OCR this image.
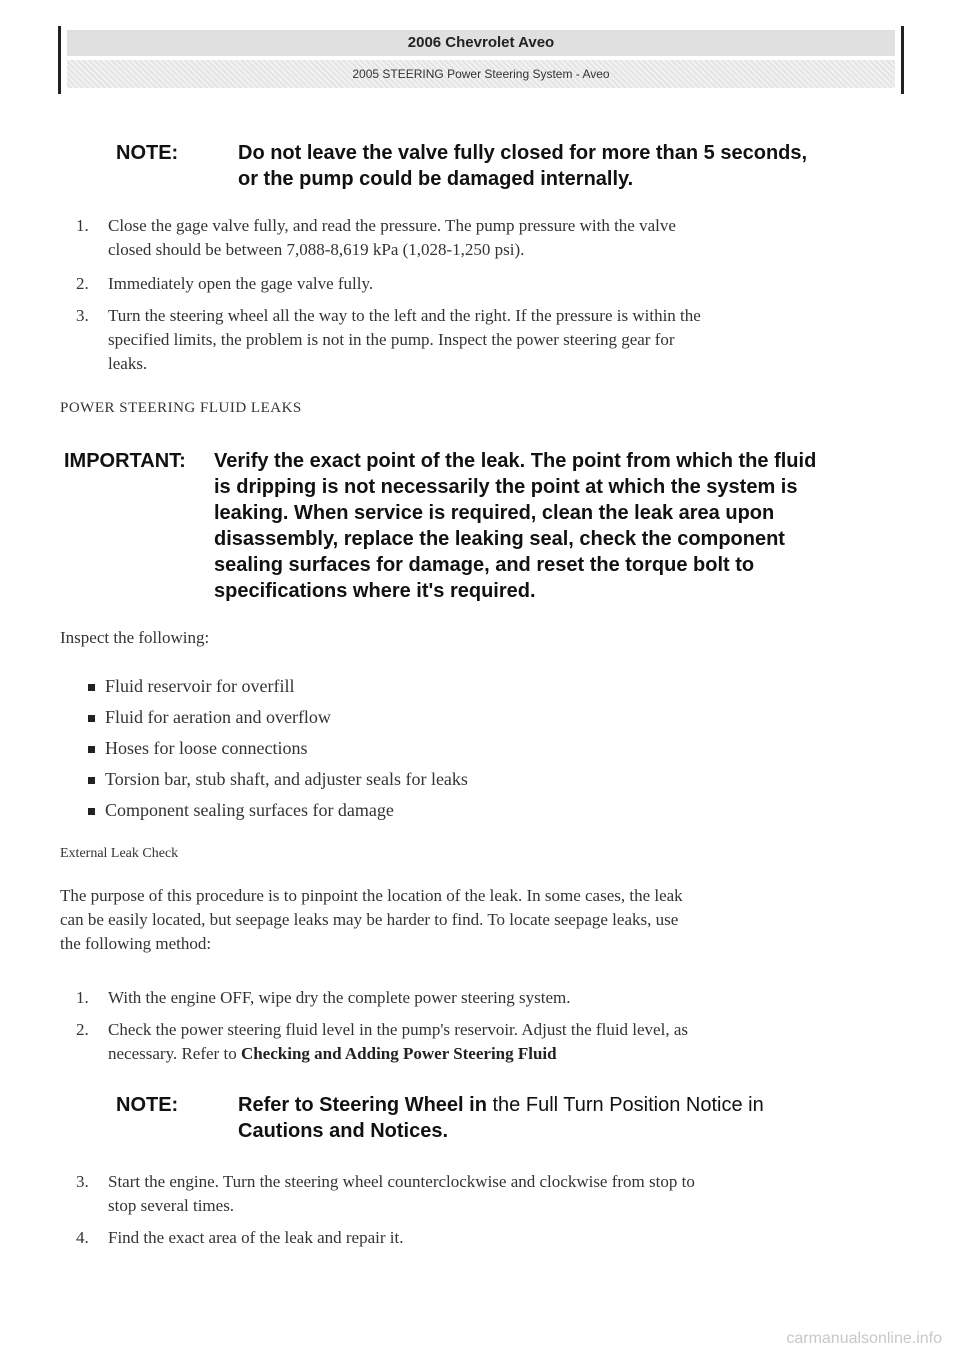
2006 Chevrolet Aveo
2005 STEERING Power Steering System - Aveo
NOTE:	Do not leave the valve fully closed for more than 5 seconds,
or the pump could be damaged internally.
1.	Close the gage valve fully, and read the pressure. The pump pressure with the valve
closed should be between 7,088-8,619 kPa (1,028-1,250 psi).
2.	Immediately open the gage valve fully.
3.	Turn the steering wheel all the way to the left and the right. If the pressure is within the
specified limits, the problem is not in the pump. Inspect the power steering gear for
leaks.
POWER STEERING FLUID LEAKS
IMPORTANT: Verify the exact point of the leak. The point from which the fluid
is dripping is not necessarily the point at which the system is
leaking. When service is required, clean the leak area upon
disassembly, replace the leaking seal, check the component
sealing surfaces for damage, and reset the torque bolt to
specifications where it's required.
Inspect the following:
Fluid reservoir for overfill
Fluid for aeration and overflow
Hoses for loose connections
Torsion bar, stub shaft, and adjuster seals for leaks
Component sealing surfaces for damage
External Leak Check
The purpose of this procedure is to pinpoint the location of the leak. In some cases, the leak
can be easily located, but seepage leaks may be harder to find. To locate seepage leaks, use
the following method:
1.	With the engine OFF, wipe dry the complete power steering system.
2.	Check the power steering fluid level in the pump's reservoir. Adjust the fluid level, as
necessary. Refer to Checking and Adding Power Steering Fluid
NOTE:	Refer to Steering Wheel in the Full Turn Position Notice in
Cautions and Notices.
3.	Start the engine. Turn the steering wheel counterclockwise and clockwise from stop to
stop several times.
4.	Find the exact area of the leak and repair it.
carmanualsonline.info
